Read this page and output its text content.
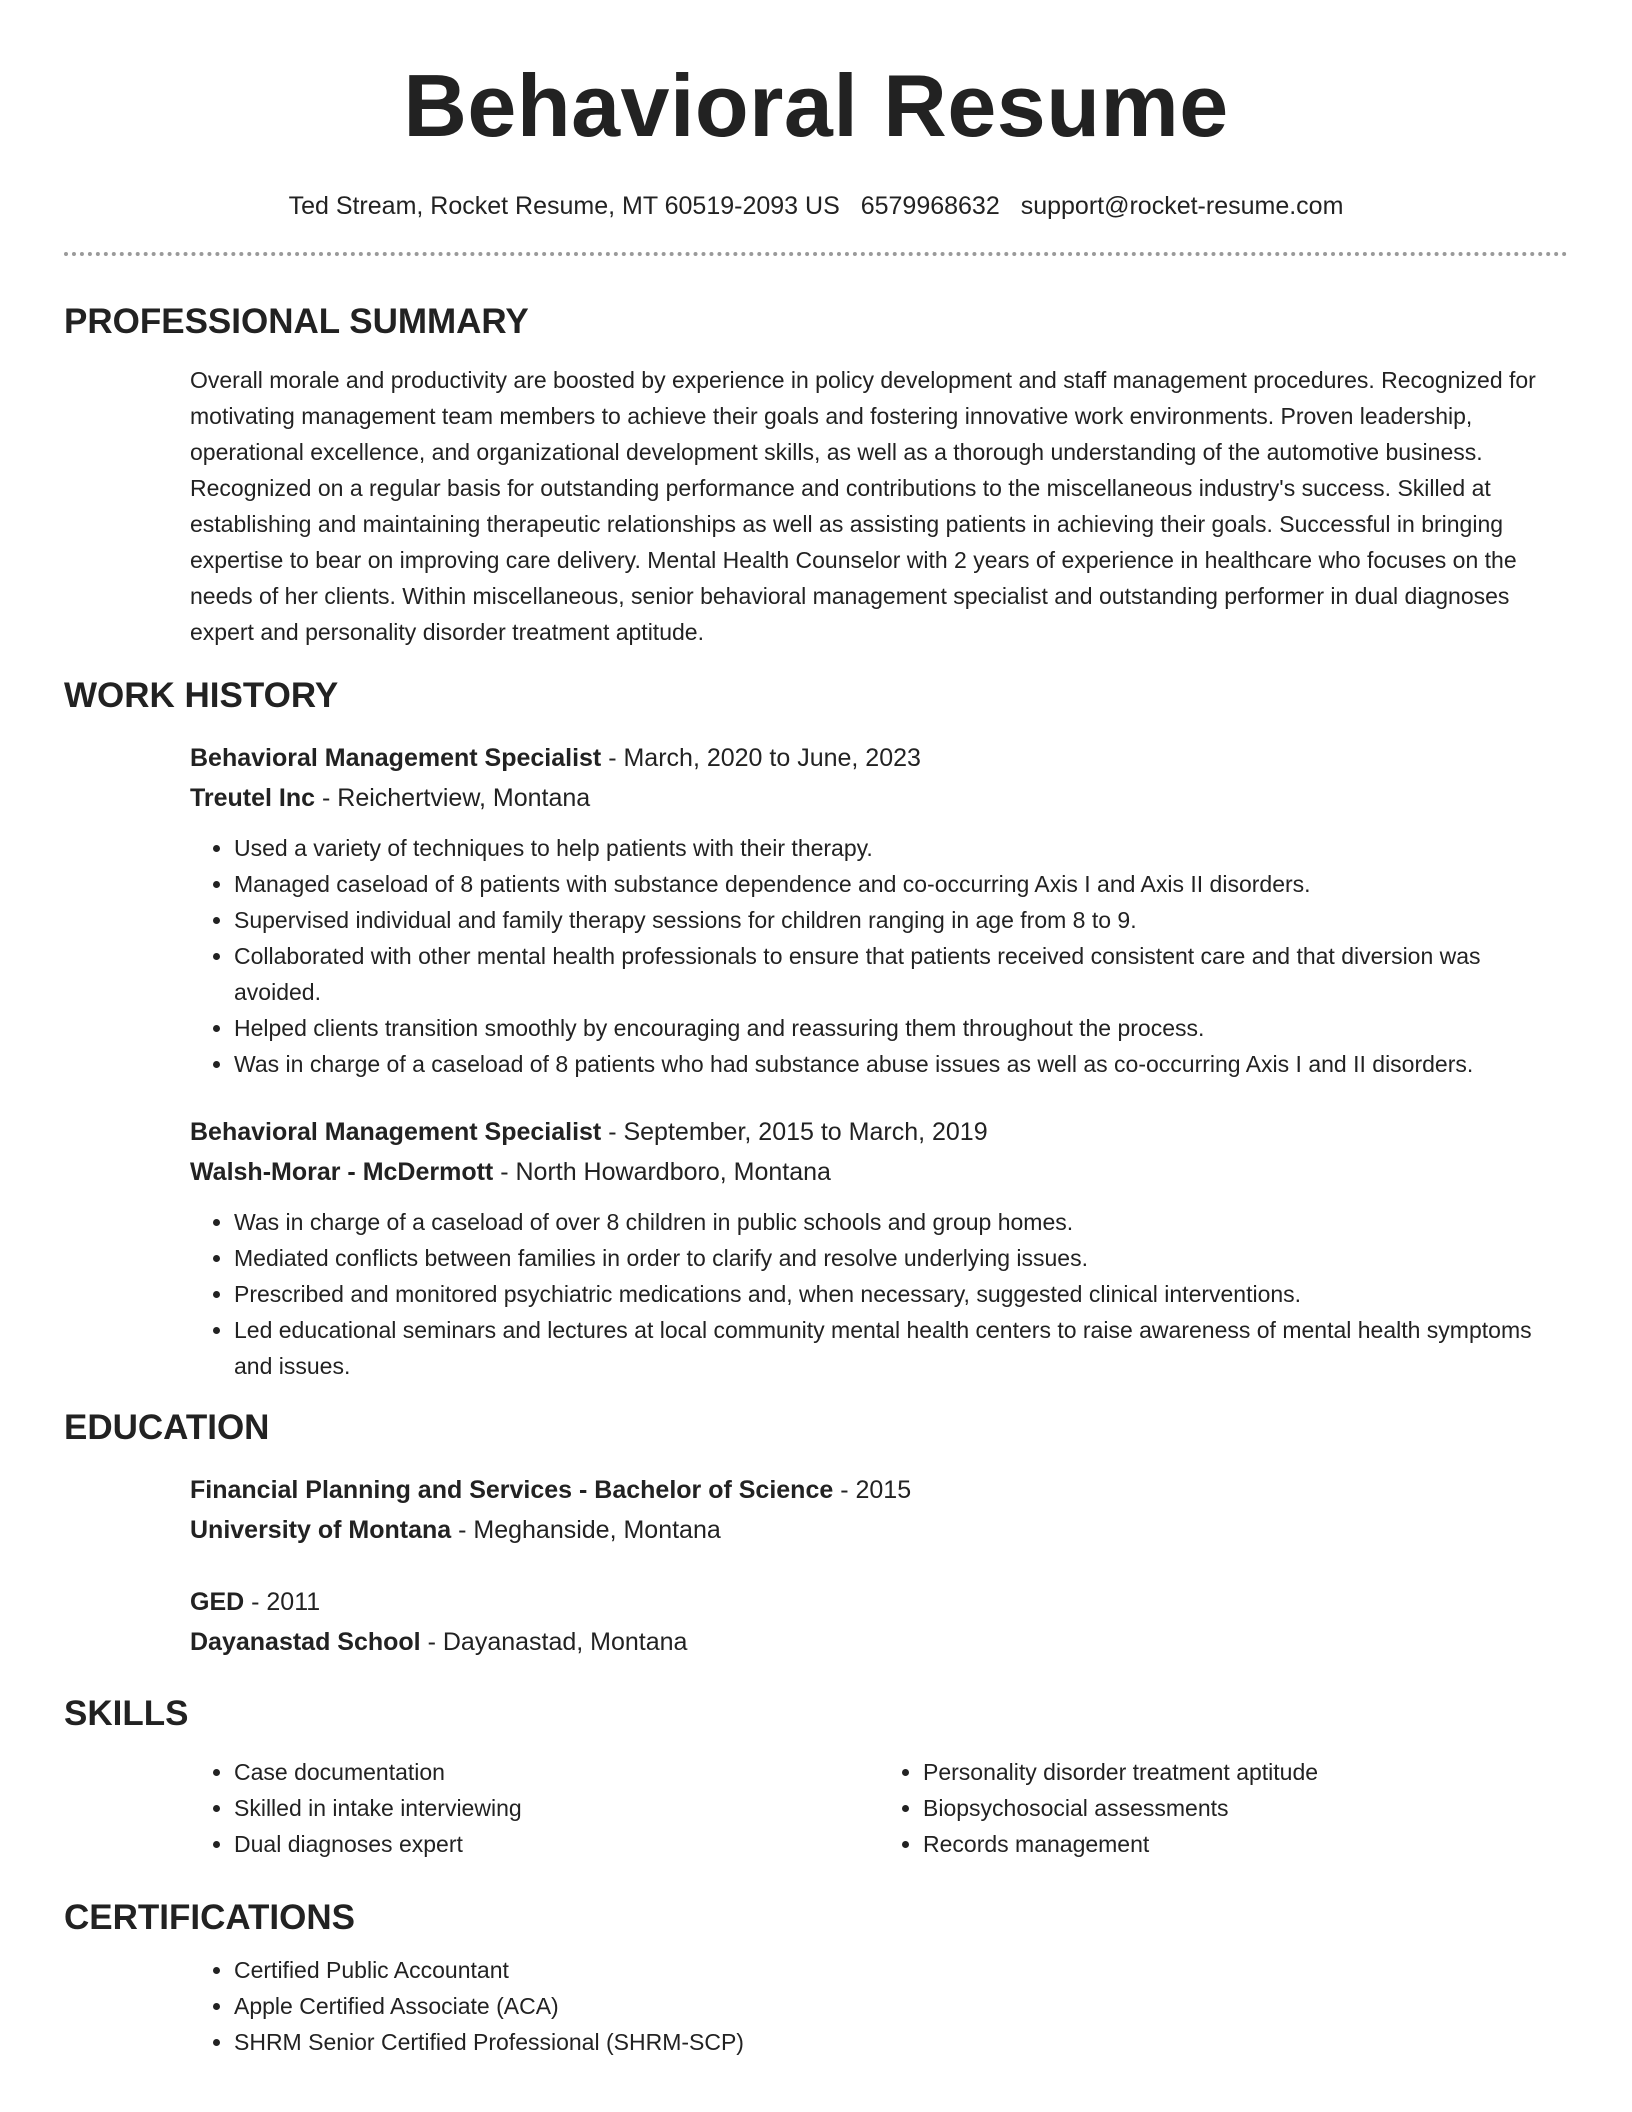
Behavioral Resume
Ted Stream, Rocket Resume, MT 60519-2093 US 6579968632 support@rocket-resume.com
PROFESSIONAL SUMMARY

Overall morale and productivity are boosted by experience in policy development and staff management procedures. Recognized for motivating management team members to achieve their goals and fostering innovative work environments. Proven leadership, operational excellence, and organizational development skills, as well as a thorough understanding of the automotive business. Recognized on a regular basis for outstanding performance and contributions to the miscellaneous industry's success. Skilled at establishing and maintaining therapeutic relationships as well as assisting patients in achieving their goals. Successful in bringing expertise to bear on improving care delivery. Mental Health Counselor with 2 years of experience in healthcare who focuses on the needs of her clients. Within miscellaneous, senior behavioral management specialist and outstanding performer in dual diagnoses expert and personality disorder treatment aptitude.

WORK HISTORY

Behavioral Management Specialist - March, 2020 to June, 2023

Treutel Inc - Reichertview, Montana

• Used a variety of techniques to help patients with their therapy.
• Managed caseload of 8 patients with substance dependence and co-occurring Axis I and Axis II disorders.
• Supervised individual and family therapy sessions for children ranging in age from 8 to 9.
• Collaborated with other mental health professionals to ensure that patients received consistent care and that diversion was avoided.
• Helped clients transition smoothly by encouraging and reassuring them throughout the process.
• Was in charge of a caseload of 8 patients who had substance abuse issues as well as co-occurring Axis I and II disorders.

Behavioral Management Specialist - September, 2015 to March, 2019

Walsh-Morar - McDermott - North Howardboro, Montana

• Was in charge of a caseload of over 8 children in public schools and group homes.
• Mediated conflicts between families in order to clarify and resolve underlying issues.
• Prescribed and monitored psychiatric medications and, when necessary, suggested clinical interventions.
• Led educational seminars and lectures at local community mental health centers to raise awareness of mental health symptoms and issues.
EDUCATION

Financial Planning and Services - Bachelor of Science - 2015

University of Montana - Meghanside, Montana

GED - 2011

Dayanastad School - Dayanastad, Montana

SKILLS
• Case documentation
• Skilled in intake interviewing
• Dual diagnoses expert
• Personality disorder treatment aptitude
• Biopsychosocial assessments
• Records management
CERTIFICATIONS
• Certified Public Accountant
• Apple Certified Associate (ACA)
• SHRM Senior Certified Professional (SHRM-SCP)
